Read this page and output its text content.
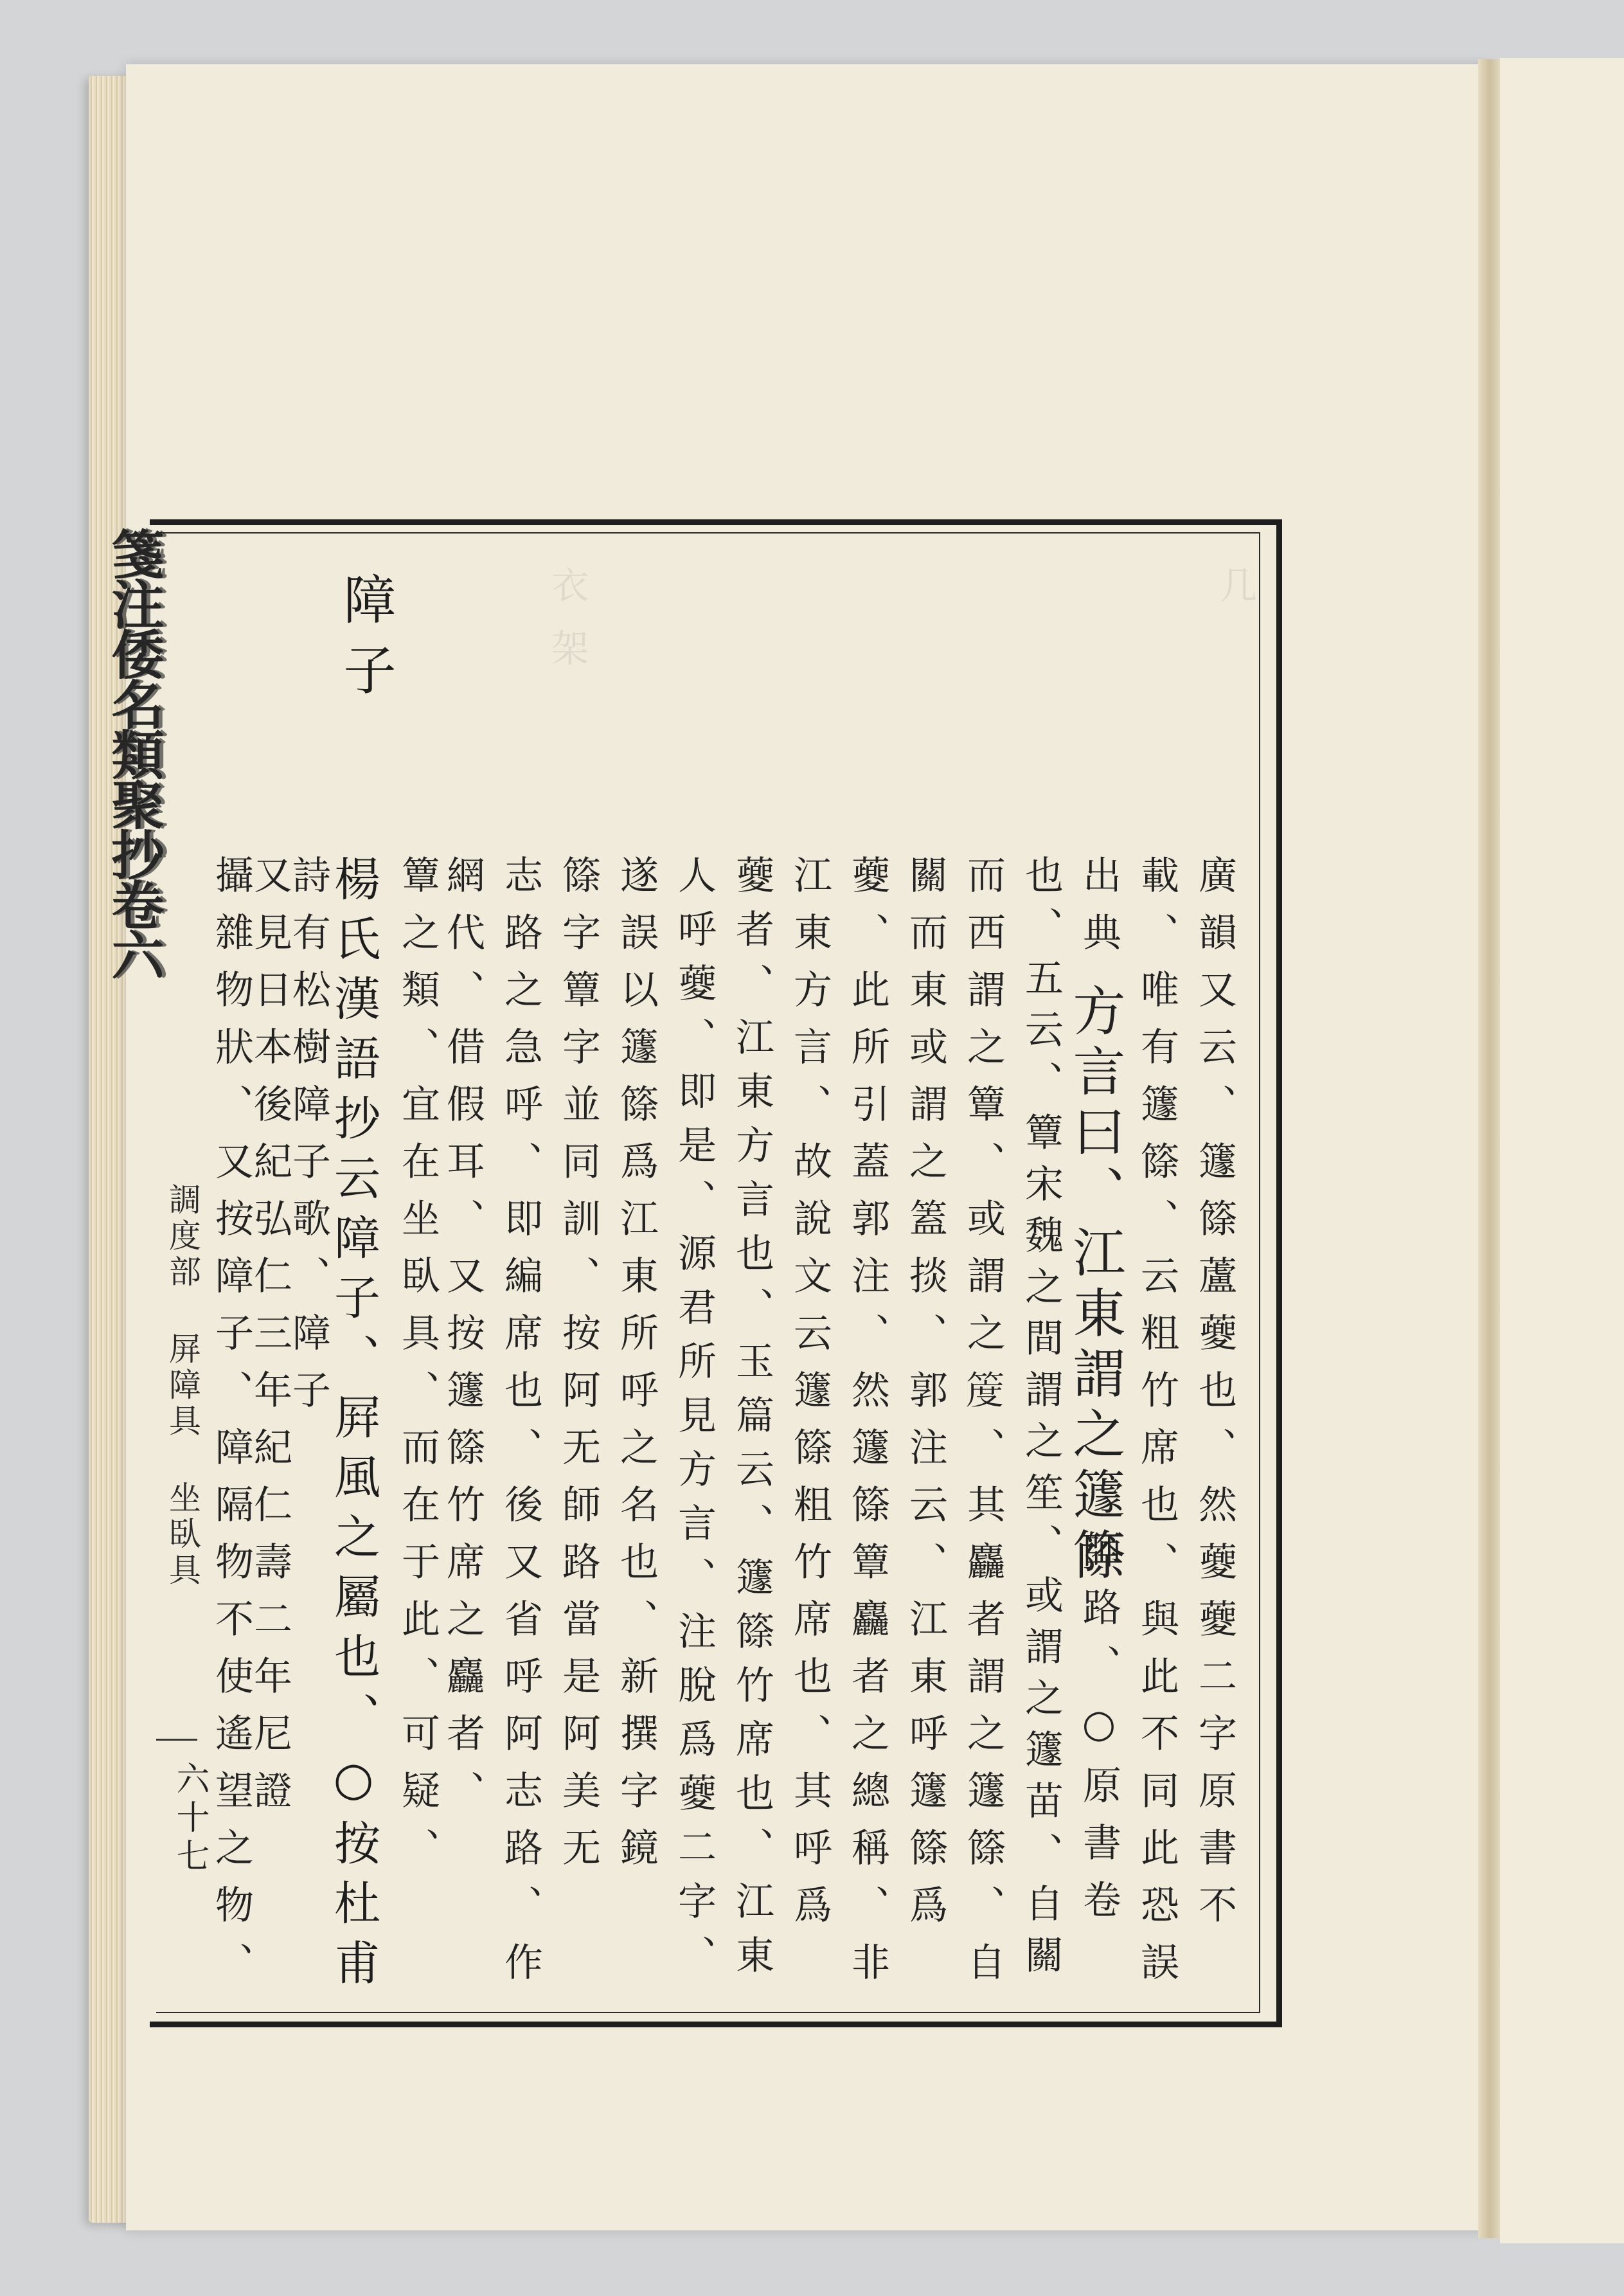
几
衣架
箋注倭名類聚抄卷六
調度部 屏障具 坐臥具
六十七
障子
廣韻又云、籧篨蘆䕫也、然䕫䕫二字原書不
載、唯有籧篨、云粗竹席也、與此不同此恐誤
出典
方言曰、江東謂之籧篨
師路、○原書卷
也、五云、簟宋魏之間謂之笙、或謂之籧苗、自關
而西謂之簟、或謂之𥯖、其麤者謂之籧篨、自
關而東或謂之篕掞、郭注云、江東呼籧篨爲
䕫、此所引蓋郭注、然籧篨簟麤者之總稱、非
江東方言、故說文云籧篨粗竹席也、其呼爲
䕫者、江東方言也、玉篇云、籧篨竹席也、江東
人呼䕫、即是、源君所見方言、注脫爲䕫二字、
遂誤以籧篨爲江東所呼之名也、新撰字鏡
篨字簟字並同訓、按阿无師路當是阿美无
志路之急呼、即編席也、後又省呼阿志路、作
網代、借假耳、又按籧篨竹席之麤者、
簟之類、宜在坐臥具、而在于此、可疑、
楊氏漢語抄云障子、屛風之屬也、○按杜甫
詩有松樹障子歌、障子
又見日本後紀弘仁三年紀仁壽二年尼證
攝雜物狀、又按障子、障隔物不使遙望之物、
